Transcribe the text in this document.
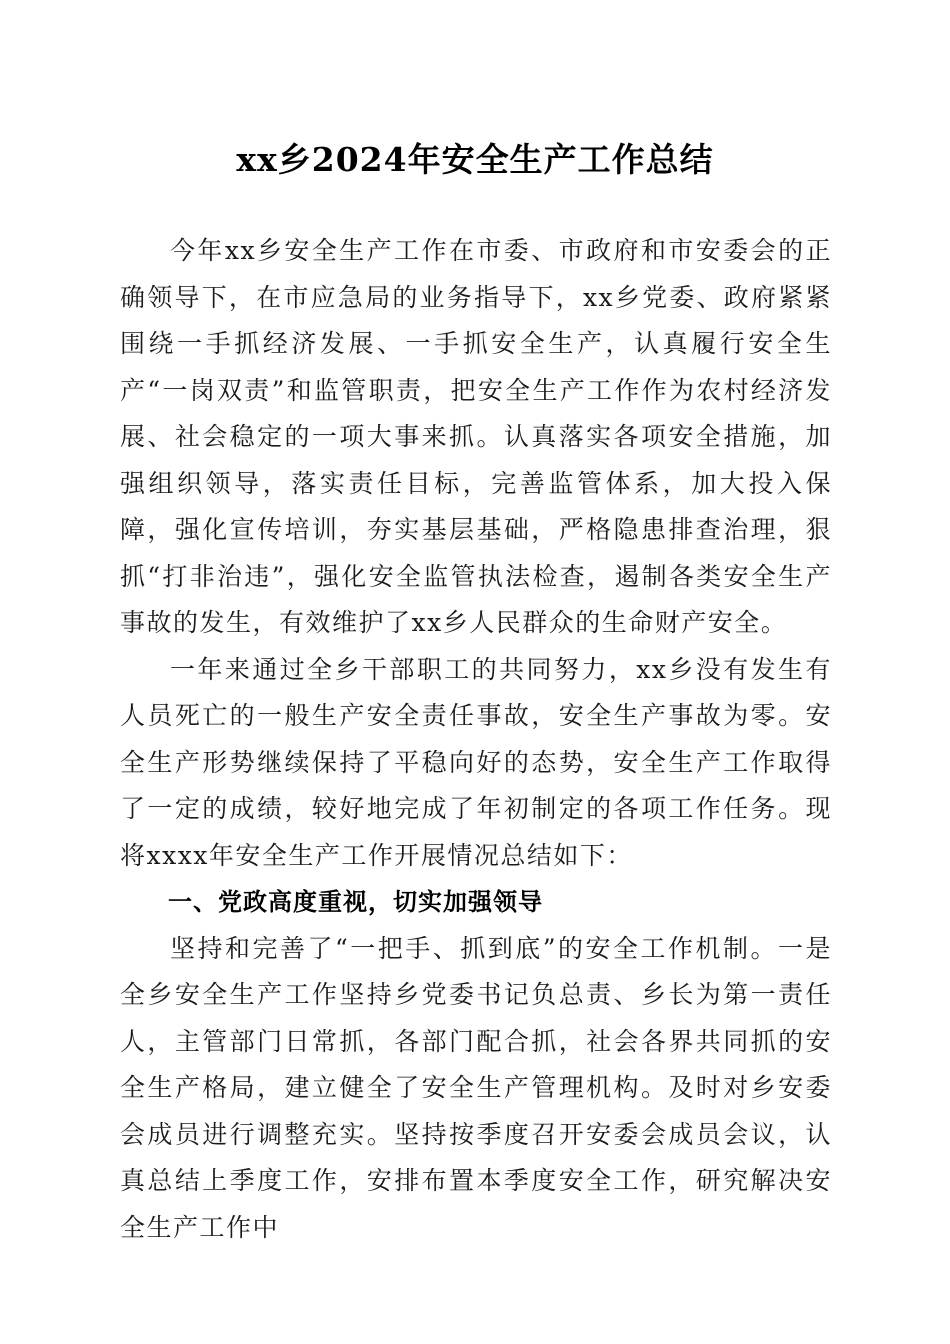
xx乡2024年安全生产工作总结

今年xx乡安全生产工作在市委、市政府和市安委会的正确领导下，在市应急局的业务指导下，xx乡党委、政府紧紧围绕一手抓经济发展、一手抓安全生产，认真履行安全生产“一岗双责”和监管职责，把安全生产工作作为农村经济发展、社会稳定的一项大事来抓。认真落实各项安全措施，加强组织领导，落实责任目标，完善监管体系，加大投入保障，强化宣传培训，夯实基层基础，严格隐患排查治理，狠抓“打非治违”，强化安全监管执法检查，遏制各类安全生产事故的发生，有效维护了xx乡人民群众的生命财产安全。

一年来通过全乡干部职工的共同努力，xx乡没有发生有人员死亡的一般生产安全责任事故，安全生产事故为零。安全生产形势继续保持了平稳向好的态势，安全生产工作取得了一定的成绩，较好地完成了年初制定的各项工作任务。现将xxxx年安全生产工作开展情况总结如下：

一、党政高度重视，切实加强领导

坚持和完善了“一把手、抓到底”的安全工作机制。一是全乡安全生产工作坚持乡党委书记负总责、乡长为第一责任人，主管部门日常抓，各部门配合抓，社会各界共同抓的安全生产格局，建立健全了安全生产管理机构。及时对乡安委会成员进行调整充实。坚持按季度召开安委会成员会议，认真总结上季度工作，安排布置本季度安全工作，研究解决安全生产工作中
